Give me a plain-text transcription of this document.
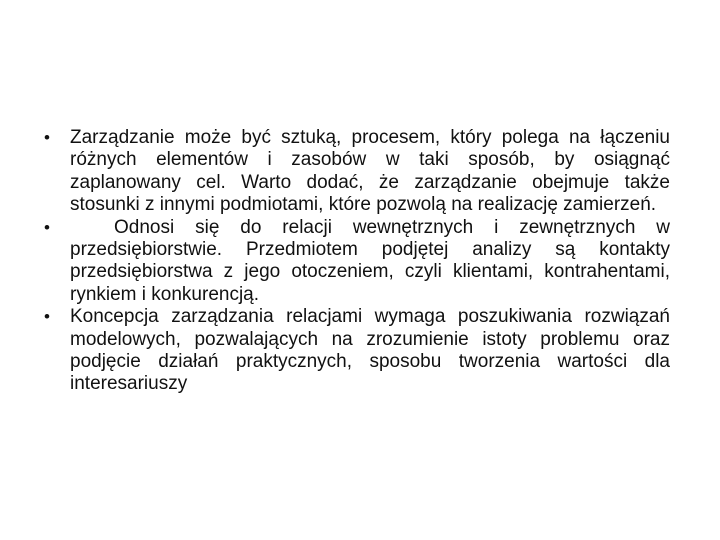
•	Zarządzanie może być sztuką, procesem, który polega na łączeniu różnych elementów i zasobów w taki sposób, by osiągnąć zaplanowany cel. Warto dodać, że zarządzanie obejmuje także stosunki z innymi podmiotami, które pozwolą na realizację zamierzeń.
•	Odnosi się do relacji wewnętrznych i zewnętrznych w przedsiębiorstwie. Przedmiotem podjętej analizy są kontakty przedsiębiorstwa z jego otoczeniem, czyli klientami, kontrahentami, rynkiem i konkurencją.
•	Koncepcja zarządzania relacjami wymaga poszukiwania rozwiązań modelowych, pozwalających na zrozumienie istoty problemu oraz podjęcie działań praktycznych, sposobu tworzenia wartości dla interesariuszy
